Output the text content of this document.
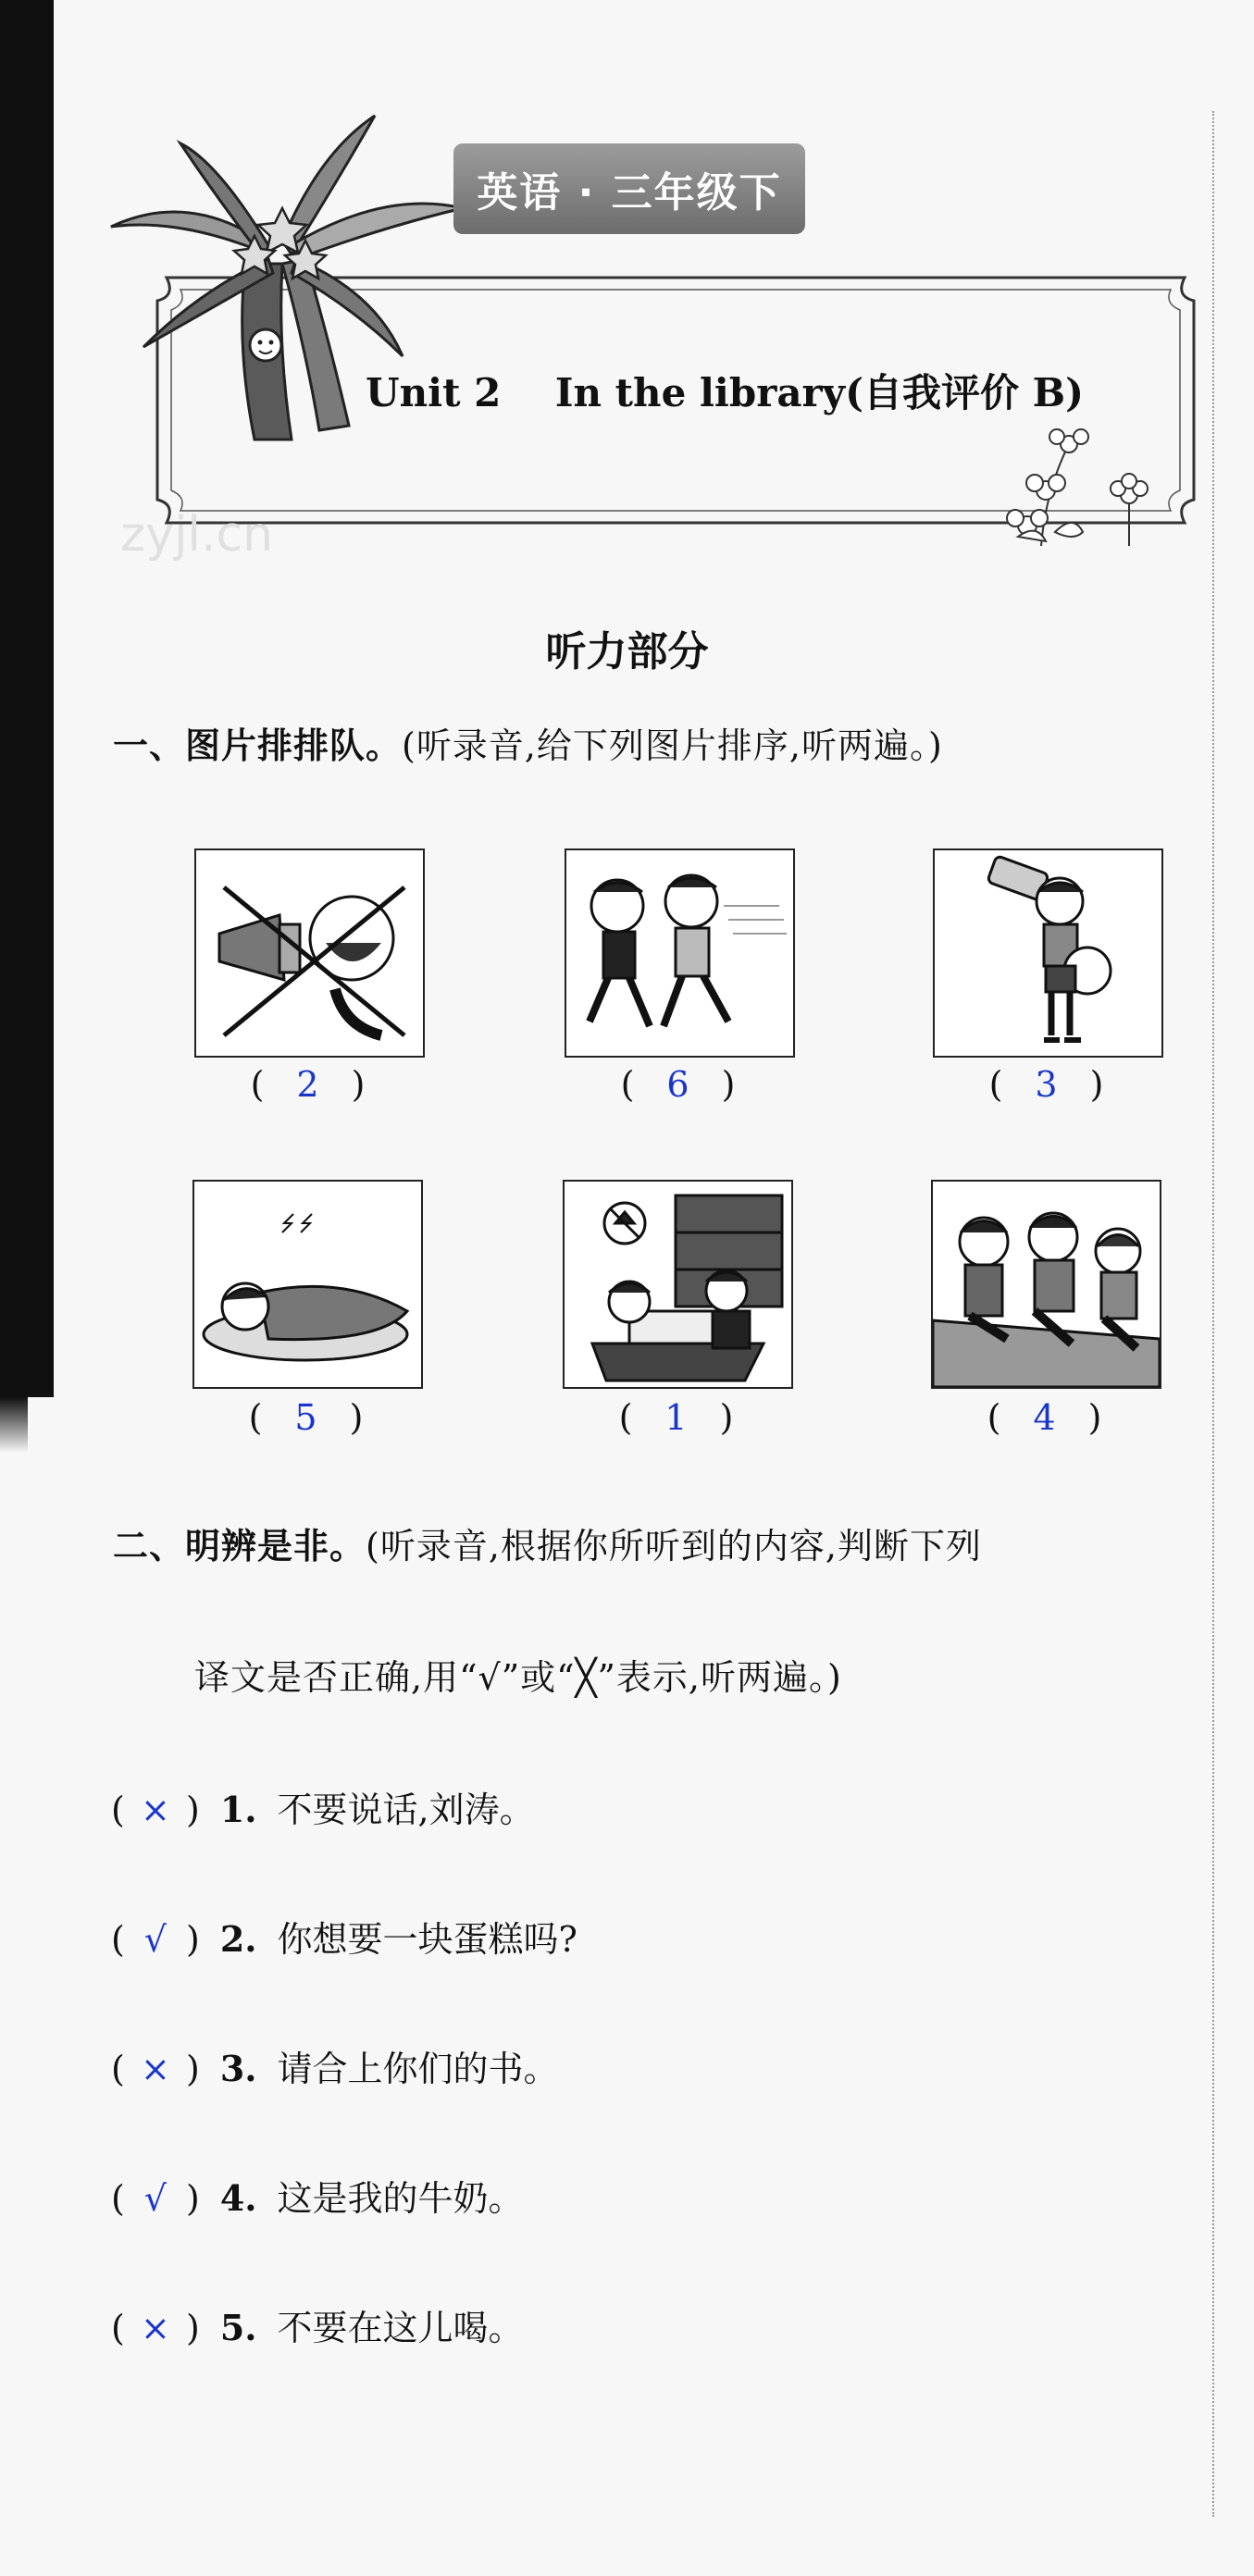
英语 · 三年级下
Unit 2    In the library(自我评价 B)
zyjl.cn
听力部分
一、图片排排队。(听录音,给下列图片排序,听两遍。)
( 2 )	( 6 )	( 3 )
( 5 )	( 1 )	( 4 )
二、明辨是非。(听录音,根据你所听到的内容,判断下列
译文是否正确,用“√”或“╳”表示,听两遍。)
( × ) 1. 不要说话,刘涛。
( √ ) 2. 你想要一块蛋糕吗?
( × ) 3. 请合上你们的书。
( √ ) 4. 这是我的牛奶。
( × ) 5. 不要在这儿喝。
